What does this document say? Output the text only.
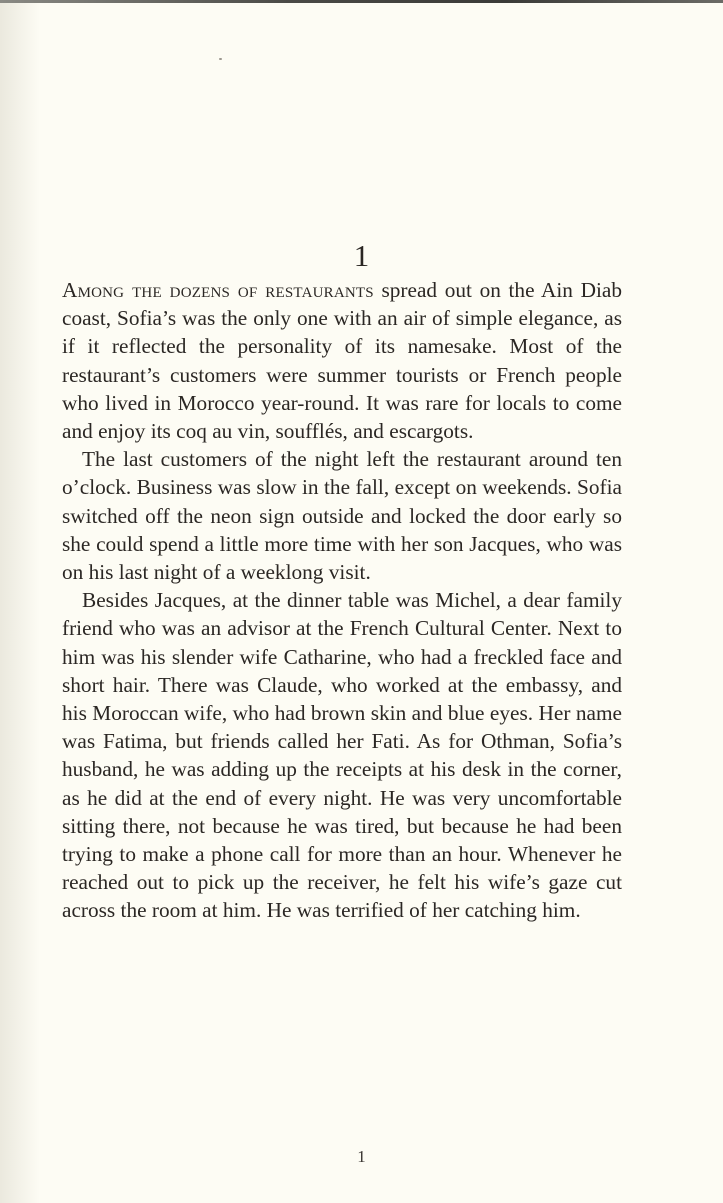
1

Among the dozens of restaurants spread out on the Ain Diab coast, Sofia’s was the only one with an air of simple elegance, as if it reflected the personality of its namesake. Most of the restaurant’s customers were summer tourists or French people who lived in Morocco year-round. It was rare for locals to come and enjoy its coq au vin, soufflés, and escargots.

The last customers of the night left the restaurant around ten o’clock. Business was slow in the fall, except on weekends. Sofia switched off the neon sign outside and locked the door early so she could spend a little more time with her son Jacques, who was on his last night of a weeklong visit.

Besides Jacques, at the dinner table was Michel, a dear family friend who was an advisor at the French Cultural Center. Next to him was his slender wife Catharine, who had a freckled face and short hair. There was Claude, who worked at the embassy, and his Moroccan wife, who had brown skin and blue eyes. Her name was Fatima, but friends called her Fati. As for Othman, Sofia’s husband, he was adding up the receipts at his desk in the corner, as he did at the end of every night. He was very uncomfortable sitting there, not because he was tired, but because he had been trying to make a phone call for more than an hour. Whenever he reached out to pick up the receiver, he felt his wife’s gaze cut across the room at him. He was terrified of her catching him.

1
